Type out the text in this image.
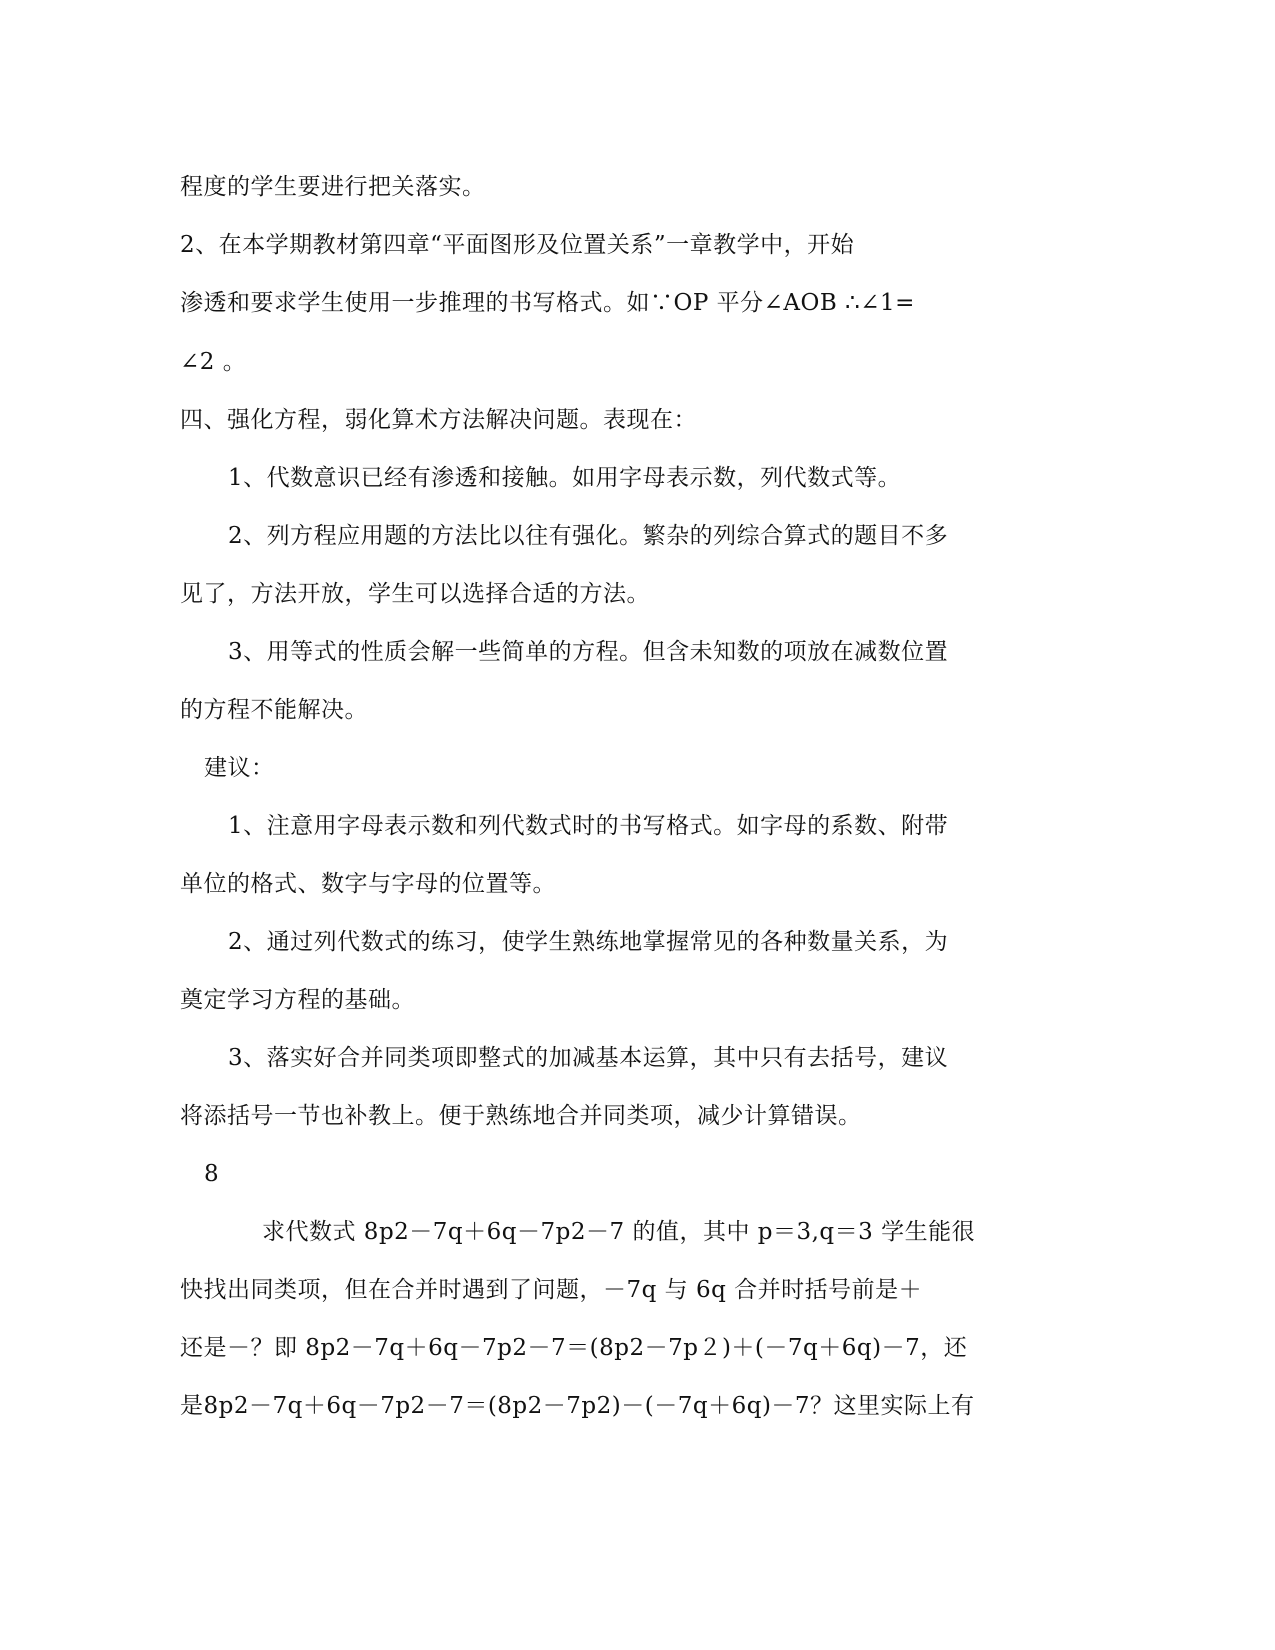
程度的学生要进行把关落实。
2、在本学期教材第四章“平面图形及位置关系”一章教学中，开始
渗透和要求学生使用一步推理的书写格式。如∵OP 平分∠AOB ∴∠1=
∠2 。
四、强化方程，弱化算术方法解决问题。表现在：
1、代数意识已经有渗透和接触。如用字母表示数，列代数式等。
2、列方程应用题的方法比以往有强化。繁杂的列综合算式的题目不多
见了，方法开放，学生可以选择合适的方法。
3、用等式的性质会解一些简单的方程。但含未知数的项放在减数位置
的方程不能解决。
建议：
1、注意用字母表示数和列代数式时的书写格式。如字母的系数、附带
单位的格式、数字与字母的位置等。
2、通过列代数式的练习，使学生熟练地掌握常见的各种数量关系，为
奠定学习方程的基础。
3、落实好合并同类项即整式的加减基本运算，其中只有去括号，建议
将添括号一节也补教上。便于熟练地合并同类项，减少计算错误。
8
求代数式 8p2－7q＋6q－7p2－7 的值，其中 p＝3,q＝3 学生能很
快找出同类项，但在合并时遇到了问题，－7q 与 6q 合并时括号前是＋
还是－？即 8p2－7q＋6q－7p2－7＝(8p2－7p２)＋(－7q＋6q)－7，还
是8p2－7q＋6q－7p2－7＝(8p2－7p2)－(－7q＋6q)－7？这里实际上有
